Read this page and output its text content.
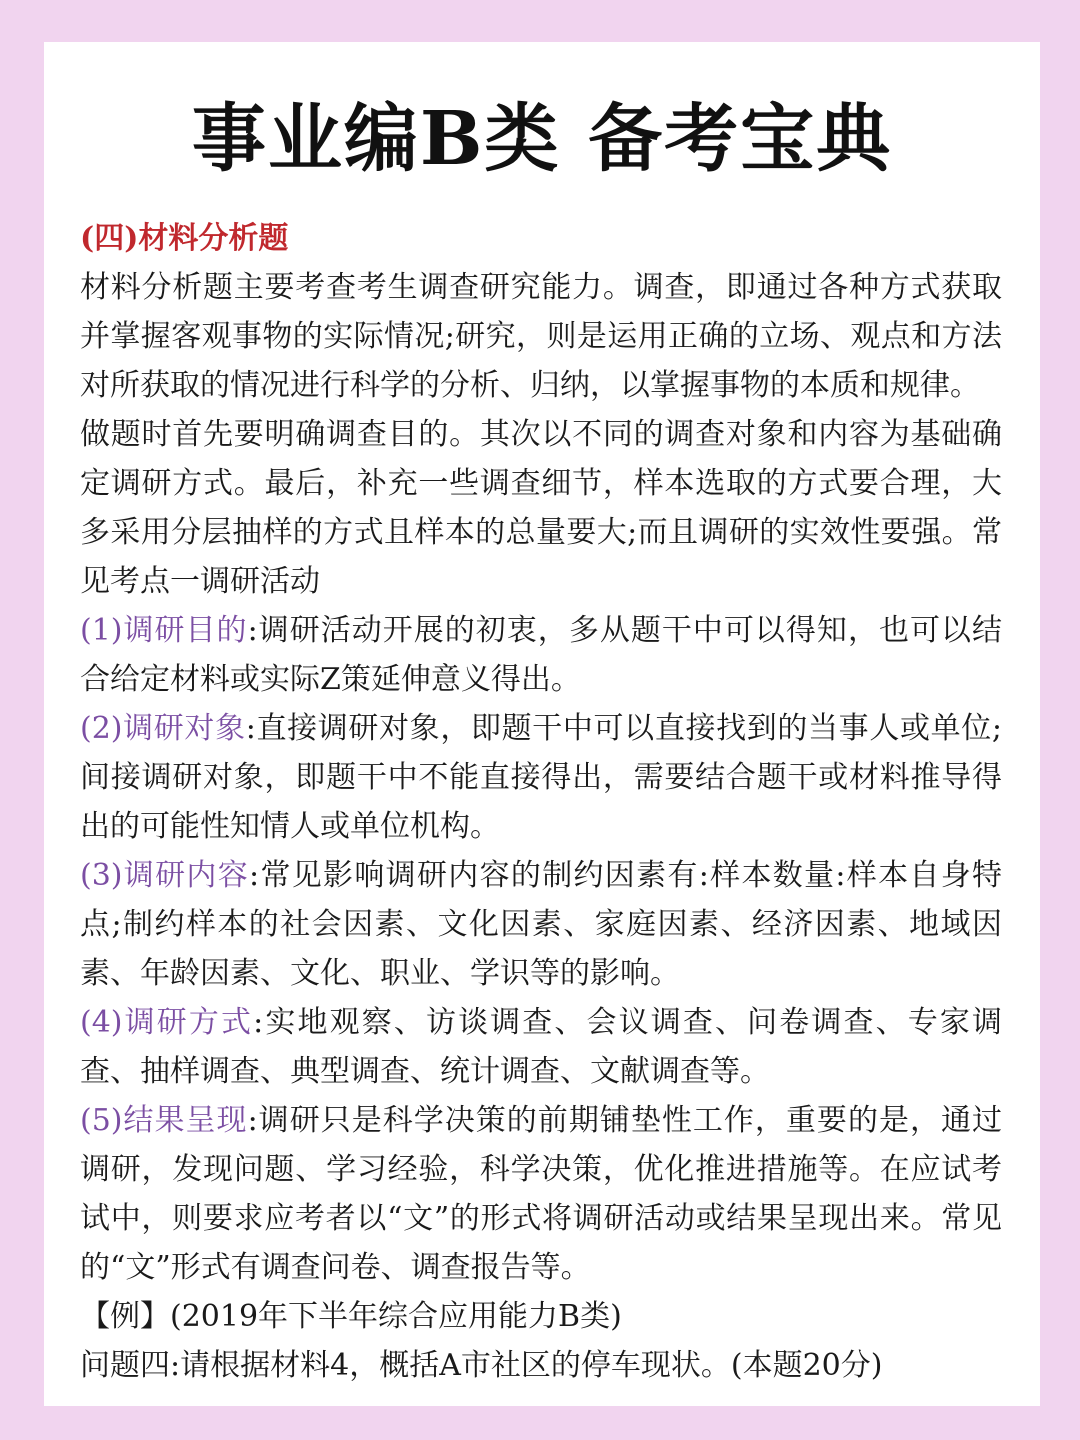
事业编B类 备考宝典
(四)材料分析题
材料分析题主要考查考生调查研究能力。调查，即通过各种方式获取并掌握客观事物的实际情况;研究，则是运用正确的立场、观点和方法对所获取的情况进行科学的分析、归纳，以掌握事物的本质和规律。
做题时首先要明确调查目的。其次以不同的调查对象和内容为基础确定调研方式。最后，补充一些调查细节，样本选取的方式要合理，大多采用分层抽样的方式且样本的总量要大;而且调研的实效性要强。常见考点一调研活动
(1)调研目的:调研活动开展的初衷，多从题干中可以得知，也可以结合给定材料或实际Z策延伸意义得出。
(2)调研对象:直接调研对象，即题干中可以直接找到的当事人或单位;间接调研对象，即题干中不能直接得出，需要结合题干或材料推导得出的可能性知情人或单位机构。
(3)调研内容:常见影响调研内容的制约因素有:样本数量:样本自身特点;制约样本的社会因素、文化因素、家庭因素、经济因素、地域因素、年龄因素、文化、职业、学识等的影响。
(4)调研方式:实地观察、访谈调查、会议调查、问卷调查、专家调查、抽样调查、典型调查、统计调查、文献调查等。
(5)结果呈现:调研只是科学决策的前期铺垫性工作，重要的是，通过调研，发现问题、学习经验，科学决策，优化推进措施等。在应试考试中，则要求应考者以“文”的形式将调研活动或结果呈现出来。常见的“文”形式有调查问卷、调查报告等。
【例】(2019年下半年综合应用能力B类)
问题四:请根据材料4，概括A市社区的停车现状。(本题20分)
